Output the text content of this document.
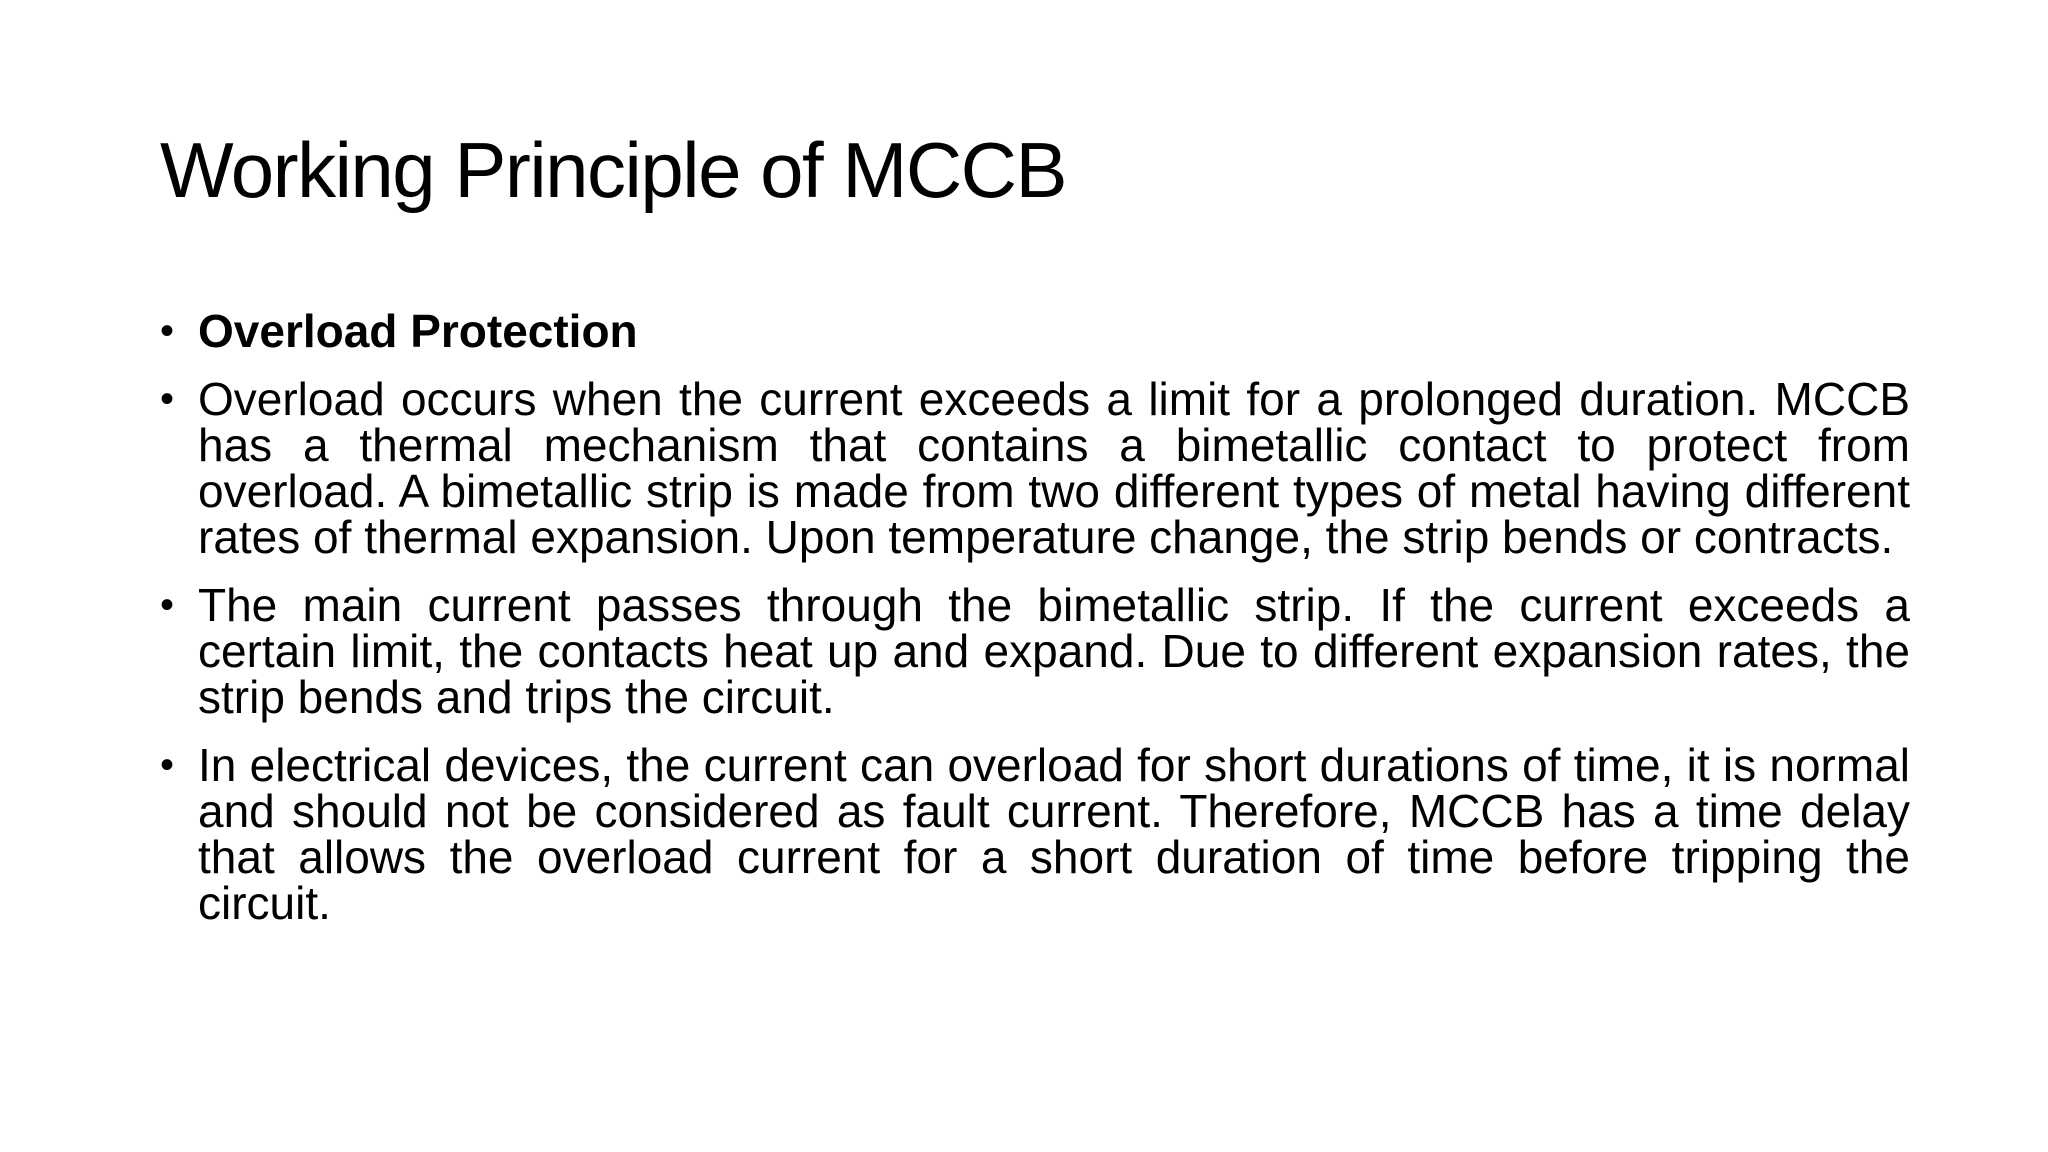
Working Principle of MCCB
• Overload Protection
• Overload occurs when the current exceeds a limit for a prolonged duration. MCCB has a thermal mechanism that contains a bimetallic contact to protect from overload. A bimetallic strip is made from two different types of metal having different rates of thermal expansion. Upon temperature change, the strip bends or contracts.
• The main current passes through the bimetallic strip. If the current exceeds a certain limit, the contacts heat up and expand. Due to different expansion rates, the strip bends and trips the circuit.
• In electrical devices, the current can overload for short durations of time, it is normal and should not be considered as fault current. Therefore, MCCB has a time delay that allows the overload current for a short duration of time before tripping the circuit.
